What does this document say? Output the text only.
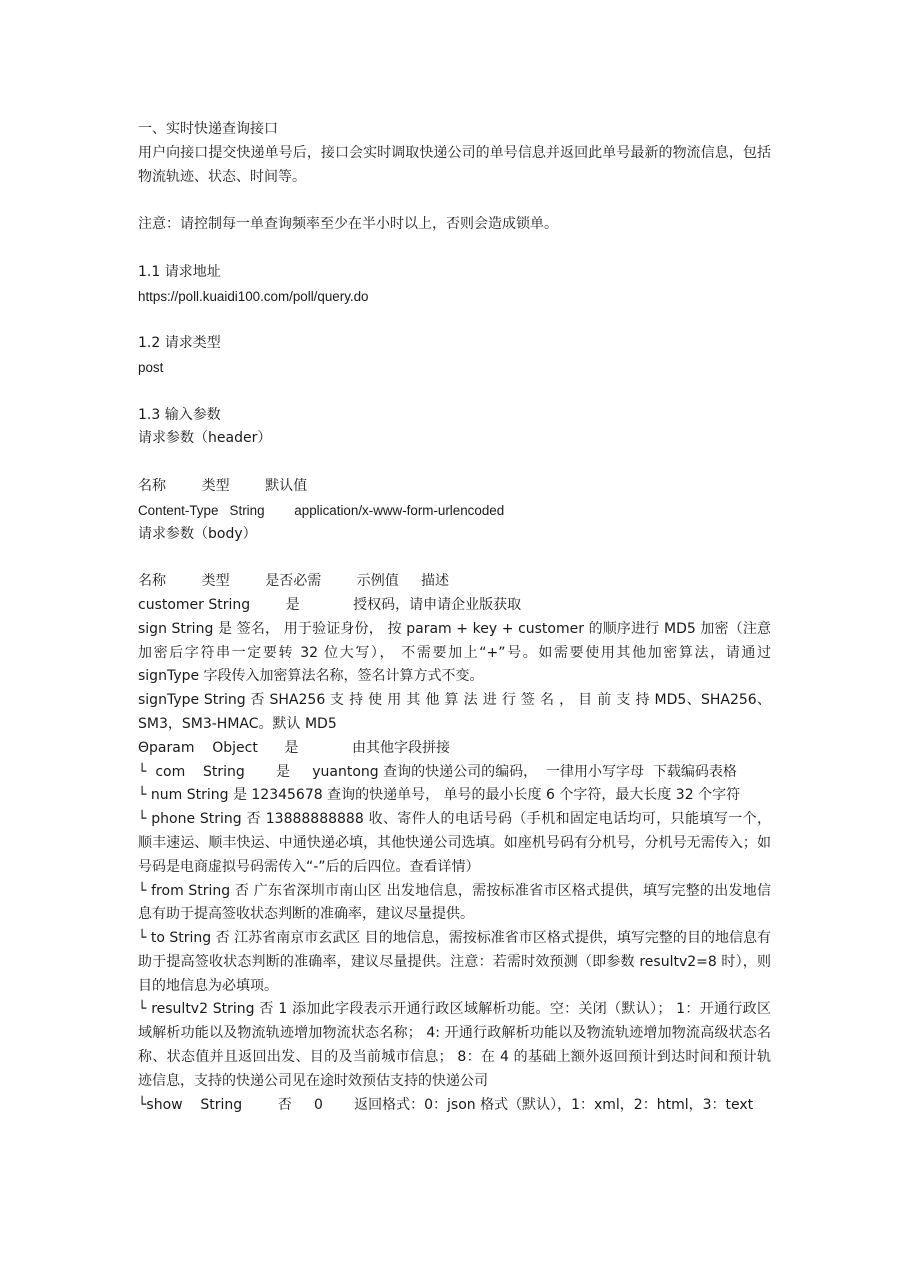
一、实时快递查询接口
用户向接口提交快递单号后，接口会实时调取快递公司的单号信息并返回此单号最新的物流信息，包括物流轨迹、状态、时间等。
注意：请控制每一单查询频率至少在半小时以上，否则会造成锁单。
1.1 请求地址
https://poll.kuaidi100.com/poll/query.do
1.2 请求类型
post
1.3 输入参数
请求参数（header）
名称        类型        默认值
Content-Type   String        application/x-www-form-urlencoded
请求参数（body）
名称        类型        是否必需        示例值     描述
customer String        是            授权码，请申请企业版获取
sign String 是 签名， 用于验证身份， 按 param + key + customer 的顺序进行 MD5 加密（注意加密后字符串一定要转 32 位大写）， 不需要加上“+”号。如需要使用其他加密算法，请通过 signType 字段传入加密算法名称，签名计算方式不变。
signType String 否 SHA256 支 持 使 用 其 他 算 法 进 行 签 名 ， 目 前 支 持 MD5、SHA256、SM3，SM3-HMAC。默认 MD5
Θparam    Object      是            由其他字段拼接
└  com    String       是     yuantong 查询的快递公司的编码，  一律用小写字母  下载编码表格
└ num String 是 12345678 查询的快递单号， 单号的最小长度 6 个字符，最大长度 32 个字符
└ phone String 否 13888888888 收、寄件人的电话号码（手机和固定电话均可，只能填写一个，顺丰速运、顺丰快运、中通快递必填，其他快递公司选填。如座机号码有分机号，分机号无需传入；如号码是电商虚拟号码需传入“-”后的后四位。查看详情）
└ from String 否 广东省深圳市南山区 出发地信息，需按标准省市区格式提供，填写完整的出发地信息有助于提高签收状态判断的准确率，建议尽量提供。
└ to String 否 江苏省南京市玄武区 目的地信息，需按标准省市区格式提供，填写完整的目的地信息有助于提高签收状态判断的准确率，建议尽量提供。注意：若需时效预测（即参数 resultv2=8 时），则目的地信息为必填项。
└ resultv2 String 否 1 添加此字段表示开通行政区域解析功能。空：关闭（默认）； 1：开通行政区域解析功能以及物流轨迹增加物流状态名称； 4: 开通行政解析功能以及物流轨迹增加物流高级状态名称、状态值并且返回出发、目的及当前城市信息； 8：在 4 的基础上额外返回预计到达时间和预计轨迹信息，支持的快递公司见在途时效预估支持的快递公司
└show    String        否     0       返回格式：0：json 格式（默认），1：xml，2：html，3：text
